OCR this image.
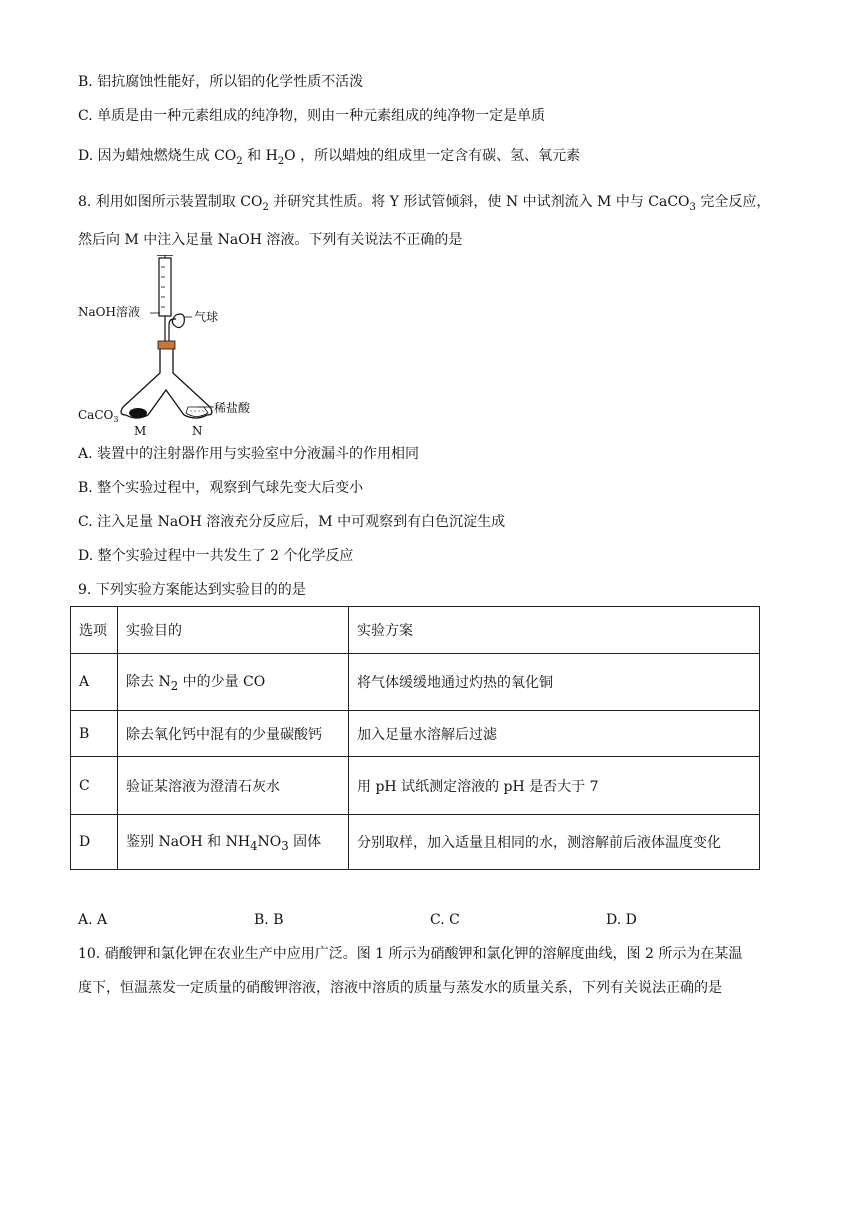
B. 铝抗腐蚀性能好，所以铝的化学性质不活泼
C. 单质是由一种元素组成的纯净物，则由一种元素组成的纯净物一定是单质
D. 因为蜡烛燃烧生成 $CO_2$ 和 $H_2O$ ，所以蜡烛的组成里一定含有碳、氢、氧元素
8. 利用如图所示装置制取 $CO_2$ 并研究其性质。将 Y 形试管倾斜，使 N 中试剂流入 M 中与 CaCO$_3$ 完全反应，
然后向 M 中注入足量 NaOH 溶液。下列有关说法不正确的是
NaOH溶液	气球
CaCO$_3$
稀盐酸
M	N
A. 装置中的注射器作用与实验室中分液漏斗的作用相同
B. 整个实验过程中，观察到气球先变大后变小
C. 注入足量 NaOH 溶液充分反应后，M 中可观察到有白色沉淀生成
D. 整个实验过程中一共发生了 2 个化学反应
9. 下列实验方案能达到实验目的的是
选项	实验目的	实验方案
A	除去 $N_2$ 中的少量 CO	将气体缓缓地通过灼热的氧化铜
B	除去氧化钙中混有的少量碳酸钙	加入足量水溶解后过滤
C	验证某溶液为澄清石灰水	用 pH 试纸测定溶液的 pH 是否大于 7
D	鉴别 NaOH 和 $NH_4NO_3$ 固体	分别取样，加入适量且相同的水，测溶解前后液体温度变化
A. A	B. B	C. C	D. D
10. 硝酸钾和氯化钾在农业生产中应用广泛。图 1 所示为硝酸钾和氯化钾的溶解度曲线，图 2 所示为在某温
度下，恒温蒸发一定质量的硝酸钾溶液，溶液中溶质的质量与蒸发水的质量关系，下列有关说法正确的是
